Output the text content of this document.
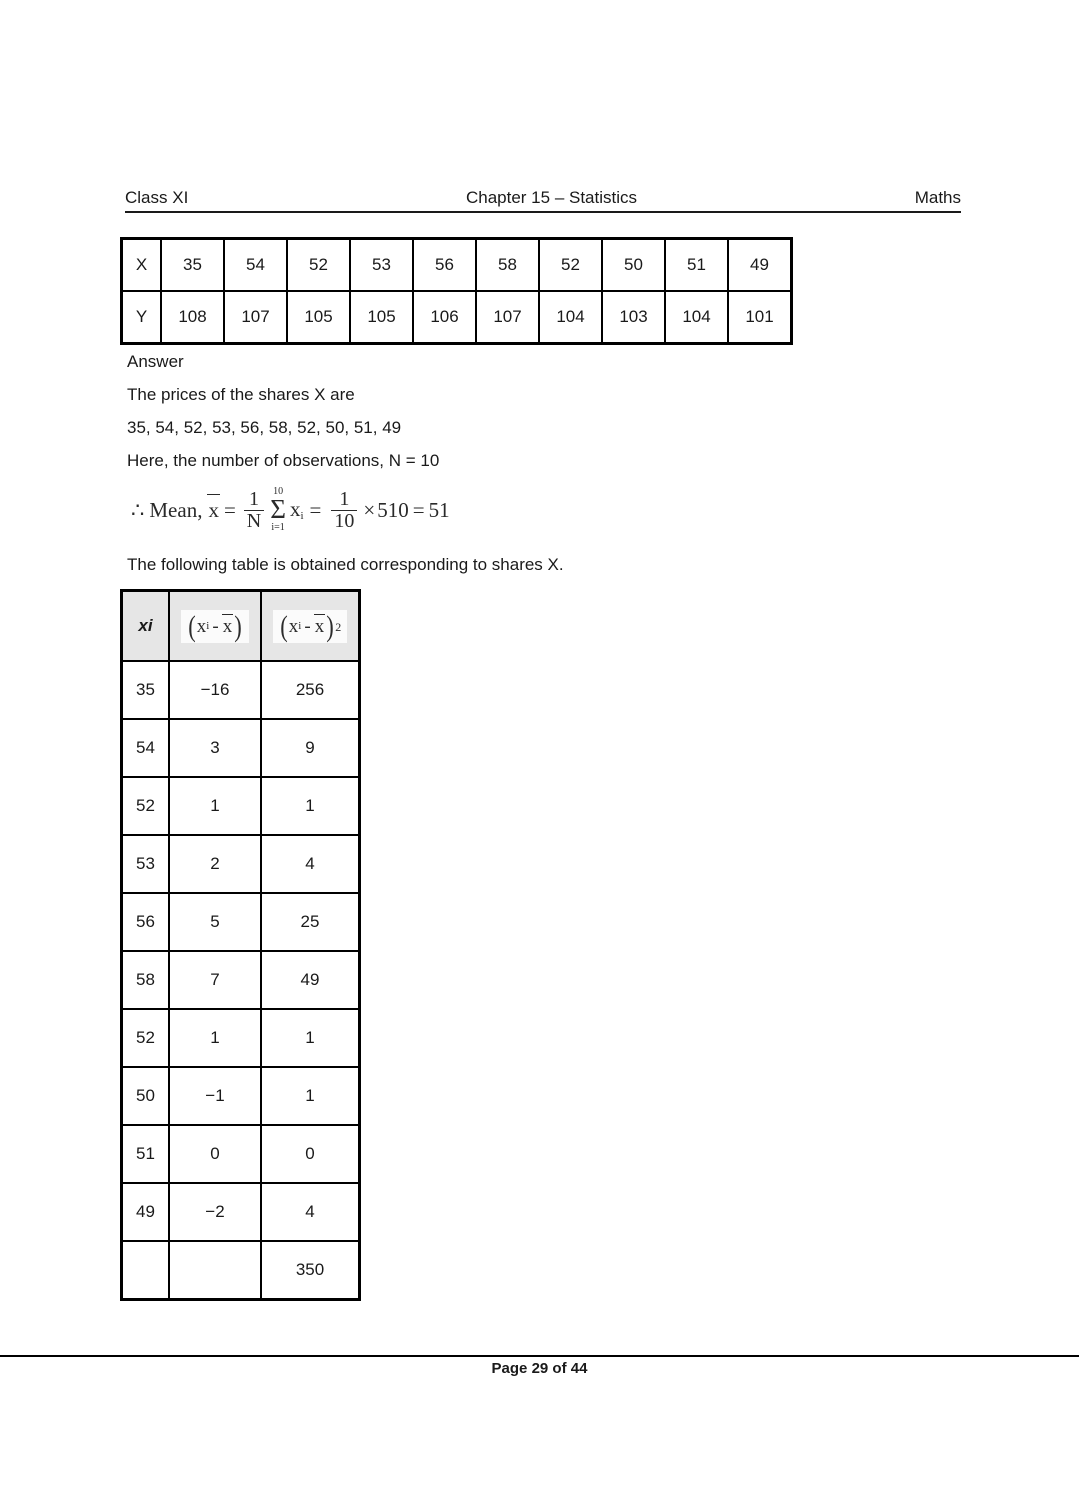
Class XI	Chapter 15 – Statistics	Maths
X	35	54	52	53	56	58	52	50	51	49
Y	108	107	105	105	106	107	104	103	104	101
Answer
The prices of the shares X are
35, 54, 52, 53, 56, 58, 52, 50, 51, 49
Here, the number of observations, N = 10
∴ Mean, $x = \frac{1}{N} 10$
Σ
i=1
$x_i = \frac{1}{10} \times 510 = 51$
The following table is obtained corresponding to shares X.
xi	( x i - x )	( x i - x ) 2

35	−16	256
54	3	9
52	1	1
53	2	4
56	5	25
58	7	49
52	1	1
50	−1	1
51	0	0
49	−2	4
		350
Page 29 of 44
